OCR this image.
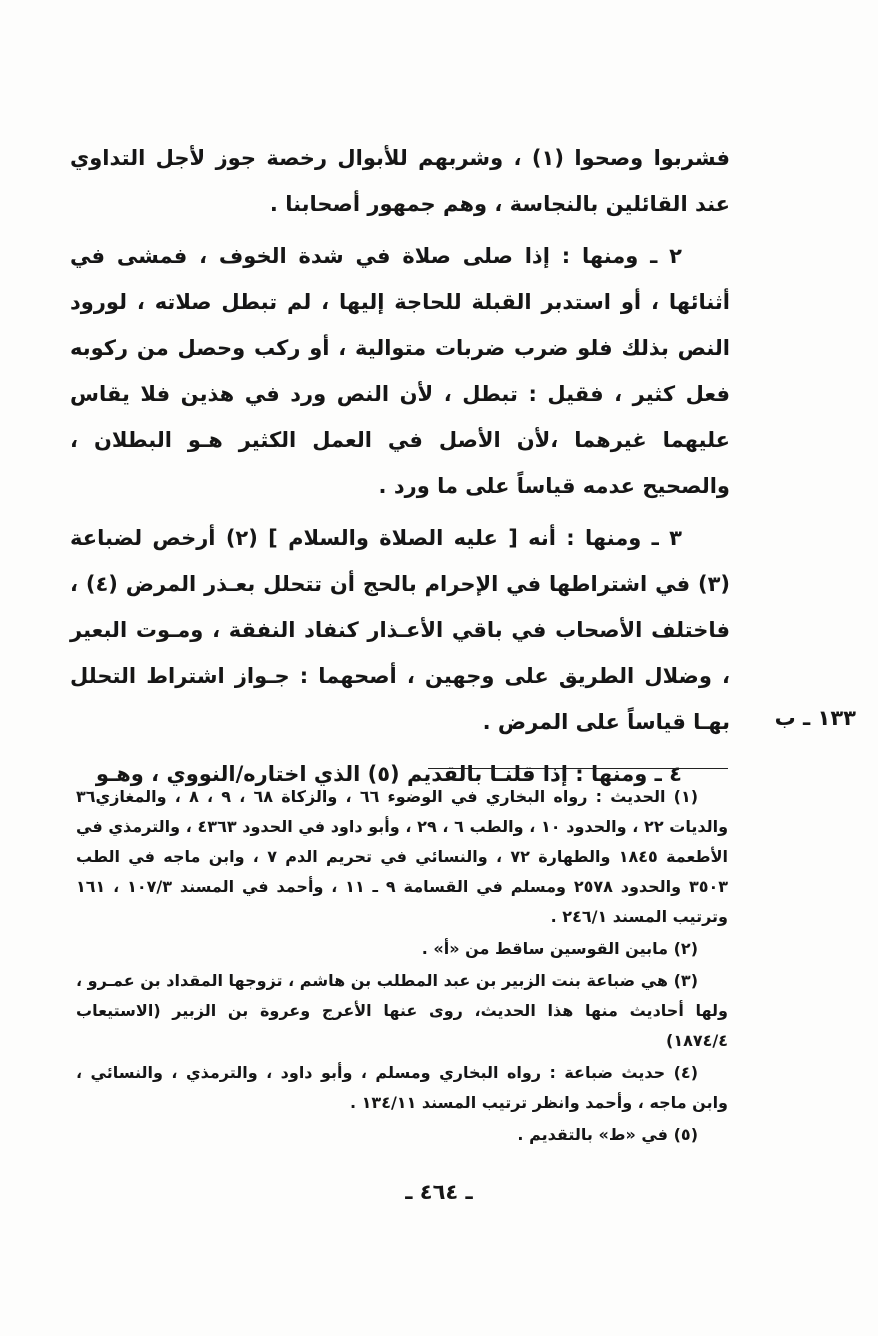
فشربوا وصحوا (١) ، وشربهم للأبوال رخصة جوز لأجل التداوي عند القائلين بالنجاسة ، وهم جمهور أصحابنا .

٢ ـ ومنها : إذا صلى صلاة في شدة الخوف ، فمشى في أثنائها ، أو استدبر القبلة للحاجة إليها ، لم تبطل صلاته ، لورود النص بذلك فلو ضرب ضربات متوالية ، أو ركب وحصل من ركوبه فعل كثير ، فقيل : تبطل ، لأن النص ورد في هذين فلا يقاس عليهما غيرهما ،لأن الأصل في العمل الكثير هـو البطلان ، والصحيح عدمه قياساً على ما ورد .

٣ ـ ومنها : أنه [ عليه الصلاة والسلام ] (٢) أرخص لضباعة (٣) في اشتراطها في الإحرام بالحج أن تتحلل بعـذر المرض (٤) ، فاختلف الأصحاب في باقي الأعـذار كنفاد النفقة ، ومـوت البعير ، وضلال الطريق على وجهين ، أصحهما : جـواز اشتراط التحلل بهـا قياساً على المرض .

٤ ـ ومنها : إذا قلنـا بالقديم (٥) الذي اختاره/النووي ، وهـو

١٣٣ ـ ب

(١) الحديث : رواه البخاري في الوضوء ٦٦ ، والزكاة ٦٨ ، ٩ ، ٨ ، والمغازي٣٦ والديات ٢٢ ، والحدود ١٠ ، والطب ٦ ، ٢٩ ، وأبو داود في الحدود ٤٣٦٣ ، والترمذي في الأطعمة ١٨٤٥ والطهارة ٧٢ ، والنسائي في تحريم الدم ٧ ، وابن ماجه في الطب ٣٥٠٣ والحدود ٢٥٧٨ ومسلم في القسامة ٩ ـ ١١ ، وأحمد في المسند ١٠٧/٣ ، ١٦١ وترتيب المسند ٢٤٦/١ .

(٢) مابين القوسين ساقط من «أ» .

(٣) هي ضباعة بنت الزبير بن عبد المطلب بن هاشم ، تزوجها المقداد بن عمـرو ، ولها أحاديث منها هذا الحديث، روى عنها الأعرج وعروة بن الزبير (الاستيعاب ١٨٧٤/٤)

(٤) حديث ضباعة : رواه البخاري ومسلم ، وأبو داود ، والترمذي ، والنسائي ، وابن ماجه ، وأحمد وانظر ترتيب المسند ١٣٤/١١ .

(٥) في «ط» بالتقديم .

ـ ٤٦٤ ـ
